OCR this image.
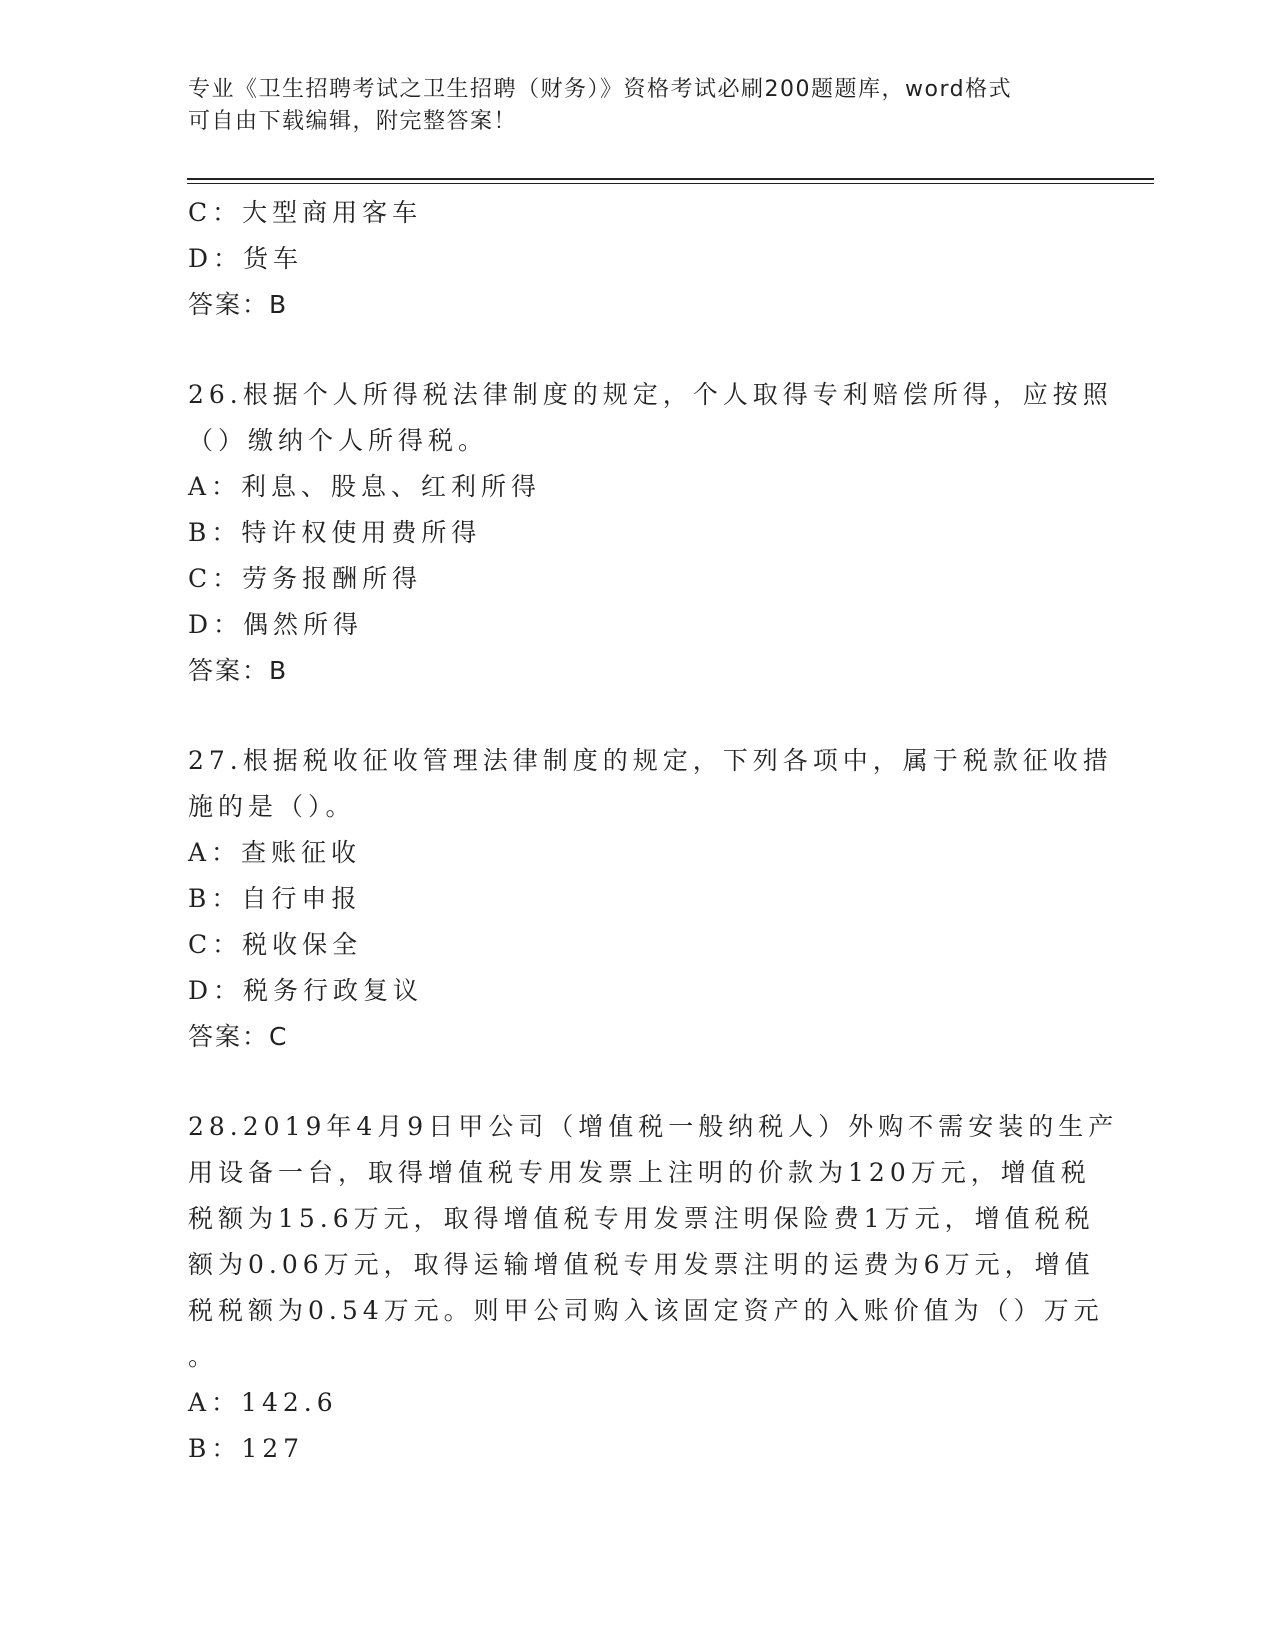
专业《卫生招聘考试之卫生招聘（财务）》资格考试必刷200题题库，word格式
可自由下载编辑，附完整答案！
C：大型商用客车
D：货车
答案：B
26.根据个人所得税法律制度的规定，个人取得专利赔偿所得，应按照
（）缴纳个人所得税。
A：利息、股息、红利所得
B：特许权使用费所得
C：劳务报酬所得
D：偶然所得
答案：B
27.根据税收征收管理法律制度的规定，下列各项中，属于税款征收措
施的是（）。
A：查账征收
B：自行申报
C：税收保全
D：税务行政复议
答案：C
28.2019年4月9日甲公司（增值税一般纳税人）外购不需安装的生产
用设备一台，取得增值税专用发票上注明的价款为120万元，增值税
税额为15.6万元，取得增值税专用发票注明保险费1万元，增值税税
额为0.06万元，取得运输增值税专用发票注明的运费为6万元，增值
税税额为0.54万元。则甲公司购入该固定资产的入账价值为（）万元
。
A：142.6
B：127
